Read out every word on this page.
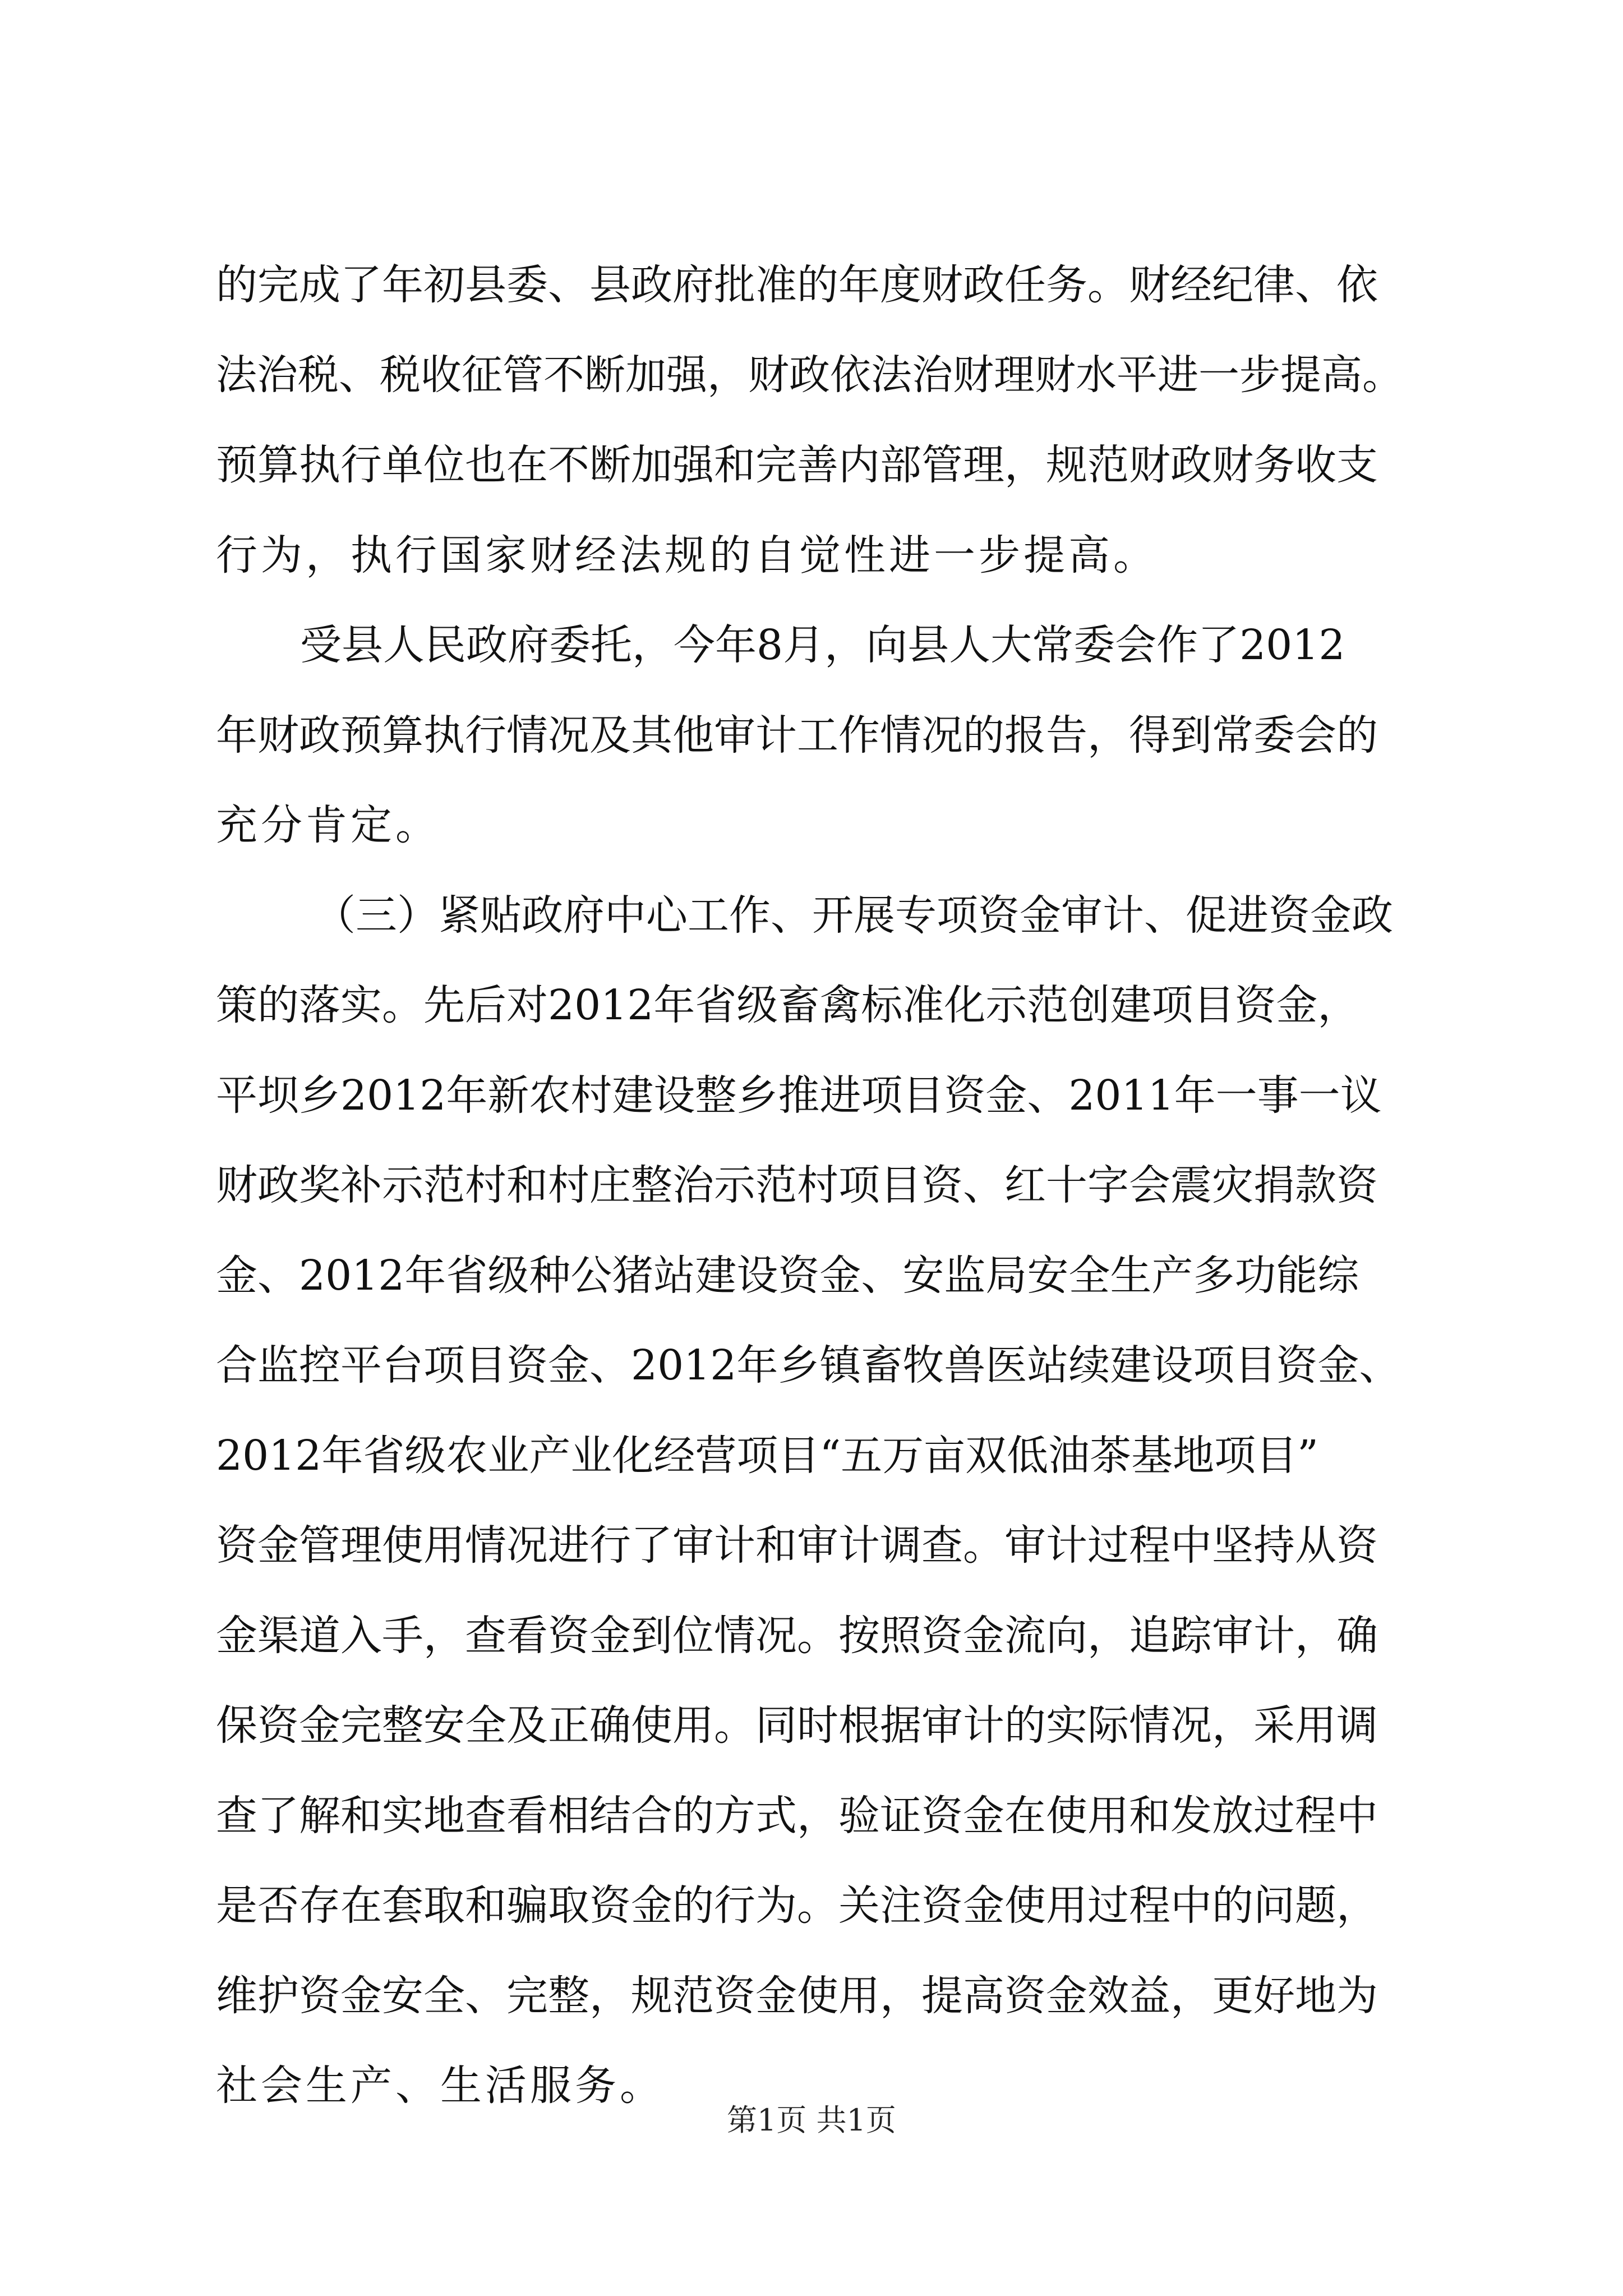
的完成了年初县委、县政府批准的年度财政任务。财经纪律、依
法治税、税收征管不断加强，财政依法治财理财水平进一步提高。
预算执行单位也在不断加强和完善内部管理，规范财政财务收支
行为，执行国家财经法规的自觉性进一步提高。
受县人民政府委托，今年8月，向县人大常委会作了2012
年财政预算执行情况及其他审计工作情况的报告，得到常委会的
充分肯定。
（三）紧贴政府中心工作、开展专项资金审计、促进资金政
策的落实。先后对2012年省级畜禽标准化示范创建项目资金，
平坝乡2012年新农村建设整乡推进项目资金、2011年一事一议
财政奖补示范村和村庄整治示范村项目资、红十字会震灾捐款资
金、2012年省级种公猪站建设资金、安监局安全生产多功能综
合监控平台项目资金、2012年乡镇畜牧兽医站续建设项目资金、
2012年省级农业产业化经营项目“五万亩双低油茶基地项目”
资金管理使用情况进行了审计和审计调查。审计过程中坚持从资
金渠道入手，查看资金到位情况。按照资金流向，追踪审计，确
保资金完整安全及正确使用。同时根据审计的实际情况，采用调
查了解和实地查看相结合的方式，验证资金在使用和发放过程中
是否存在套取和骗取资金的行为。关注资金使用过程中的问题，
维护资金安全、完整，规范资金使用，提高资金效益，更好地为
社会生产、生活服务。
第1页 共1页
